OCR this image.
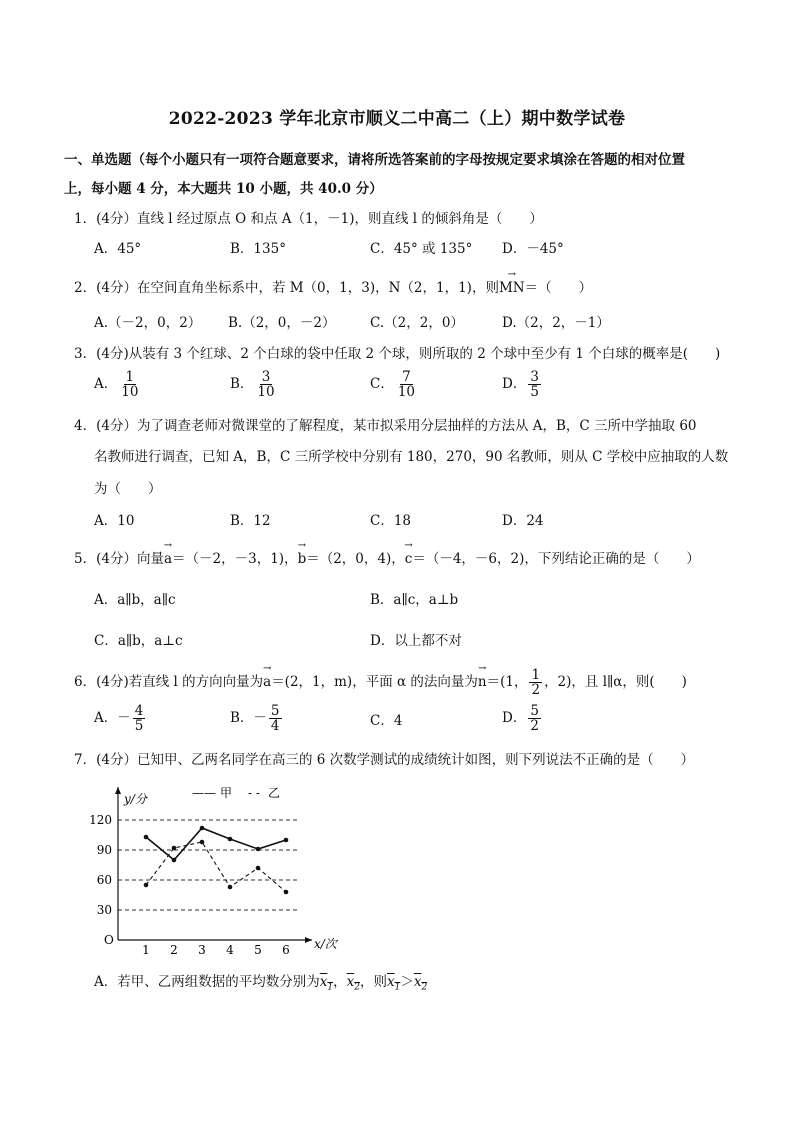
2022-2023 学年北京市顺义二中高二（上）期中数学试卷
一、单选题（每个小题只有一项符合题意要求，请将所选答案前的字母按规定要求填涂在答题的相对位置
上，每小题 4 分，本大题共 10 小题，共 40.0 分）
1．(4分）直线 l 经过原点 O 和点 A（1，－1)，则直线 l 的倾斜角是（　　）
A．45°	B．135°	C．45° 或 135° D．－45°
2．(4分）在空间直角坐标系中，若 M（0，1，3)，N（2，1，1)，则→ MN＝（　　）
A.（－2，0，2） B.（2，0，－2）	C.（2，2，0）	D.（2，2，－1）
3．(4分)从装有 3 个红球、2 个白球的袋中任取 2 个球，则所取的 2 个球中至少有 1 个白球的概率是(　　)
A． $\frac{1}{10}$	B． $\frac{3}{10}$	C． $\frac{7}{10}$	D． $\frac{3}{5}$
4．(4分）为了调查老师对微课堂的了解程度，某市拟采用分层抽样的方法从 A，B，C 三所中学抽取 60
名教师进行调查，已知 A，B，C 三所学校中分别有 180，270，90 名教师，则从 C 学校中应抽取的人数
为（　　）
A．10	B．12	C．18	D．24
5．(4分）向量→ a＝（－2，－3，1)，→ b＝（2，0，4)，→ c＝（－4，－6，2)，下列结论正确的是（　　）
A．a∥b，a∥c	B．a∥c，a⊥b
C．a∥b，a⊥c	D．以上都不对
6．(4分)若直线 l 的方向向量为→ a＝(2，1，m)，平面 α 的法向量为→ n＝(1， $\frac{1}{2}$ ，2)，且 l∥α，则(　　)
A．－ $\frac{4}{5}$	B．－ $\frac{5}{4}$	C．4	D． $\frac{5}{2}$
7．(4分）已知甲、乙两名同学在高三的 6 次数学测试的成绩统计如图，则下列说法不正确的是（　　）
y/分
x/次
O
30
60
90
120
1 2 3 4 5 6
—— 甲 - - 乙
A．若甲、乙两组数据的平均数分别为$x_1$，$x_2$，则$x_1>x_2$
